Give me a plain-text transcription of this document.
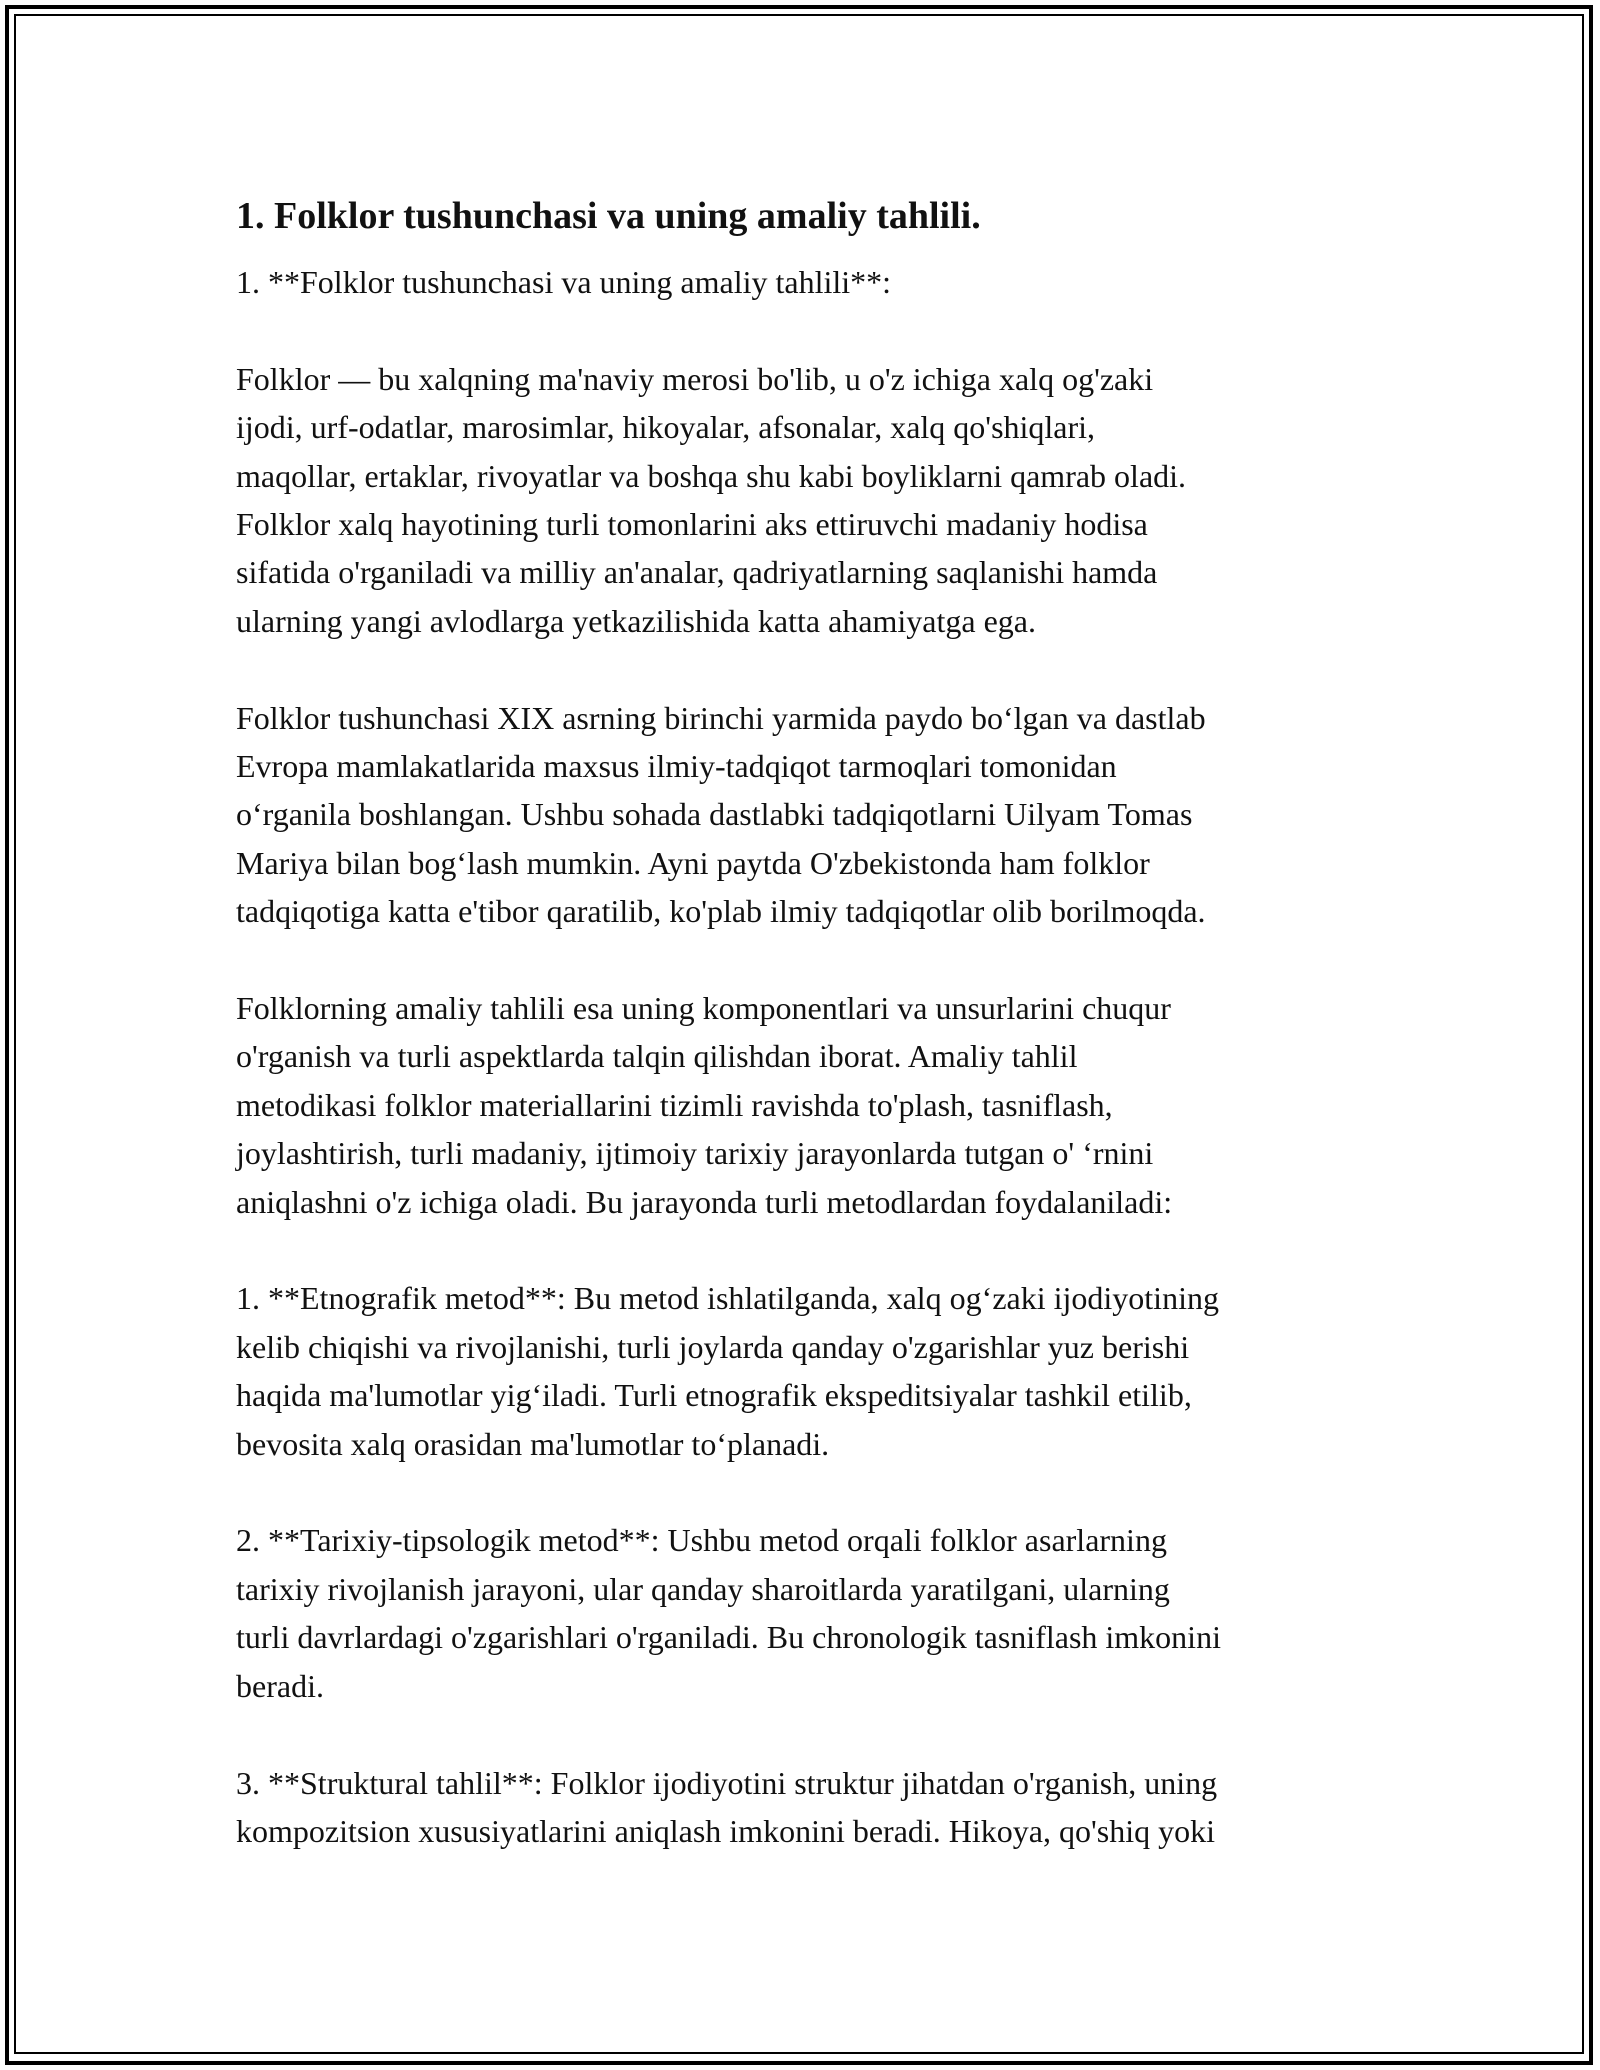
1. Folklor tushunchasi va uning amaliy tahlili.

1. **Folklor tushunchasi va uning amaliy tahlili**:

Folklor — bu xalqning ma'naviy merosi bo'lib, u o'z ichiga xalq og'zaki
ijodi, urf-odatlar, marosimlar, hikoyalar, afsonalar, xalq qo'shiqlari,
maqollar, ertaklar, rivoyatlar va boshqa shu kabi boyliklarni qamrab oladi.
Folklor xalq hayotining turli tomonlarini aks ettiruvchi madaniy hodisa
sifatida o'rganiladi va milliy an'analar, qadriyatlarning saqlanishi hamda
ularning yangi avlodlarga yetkazilishida katta ahamiyatga ega.

Folklor tushunchasi XIX asrning birinchi yarmida paydo bo‘lgan va dastlab
Evropa mamlakatlarida maxsus ilmiy-tadqiqot tarmoqlari tomonidan
o‘rganila boshlangan. Ushbu sohada dastlabki tadqiqotlarni Uilyam Tomas
Mariya bilan bog‘lash mumkin. Ayni paytda O'zbekistonda ham folklor
tadqiqotiga katta e'tibor qaratilib, ko'plab ilmiy tadqiqotlar olib borilmoqda.

Folklorning amaliy tahlili esa uning komponentlari va unsurlarini chuqur
o'rganish va turli aspektlarda talqin qilishdan iborat. Amaliy tahlil
metodikasi folklor materiallarini tizimli ravishda to'plash, tasniflash,
joylashtirish, turli madaniy, ijtimoiy tarixiy jarayonlarda tutgan o' ‘rnini
aniqlashni o'z ichiga oladi. Bu jarayonda turli metodlardan foydalaniladi:

1. **Etnografik metod**: Bu metod ishlatilganda, xalq og‘zaki ijodiyotining
kelib chiqishi va rivojlanishi, turli joylarda qanday o'zgarishlar yuz berishi
haqida ma'lumotlar yig‘iladi. Turli etnografik ekspeditsiyalar tashkil etilib,
bevosita xalq orasidan ma'lumotlar to‘planadi.

2. **Tarixiy-tipsologik metod**: Ushbu metod orqali folklor asarlarning
tarixiy rivojlanish jarayoni, ular qanday sharoitlarda yaratilgani, ularning
turli davrlardagi o'zgarishlari o'rganiladi. Bu chronologik tasniflash imkonini
beradi.

3. **Struktural tahlil**: Folklor ijodiyotini struktur jihatdan o'rganish, uning
kompozitsion xususiyatlarini aniqlash imkonini beradi. Hikoya, qo'shiq yoki
